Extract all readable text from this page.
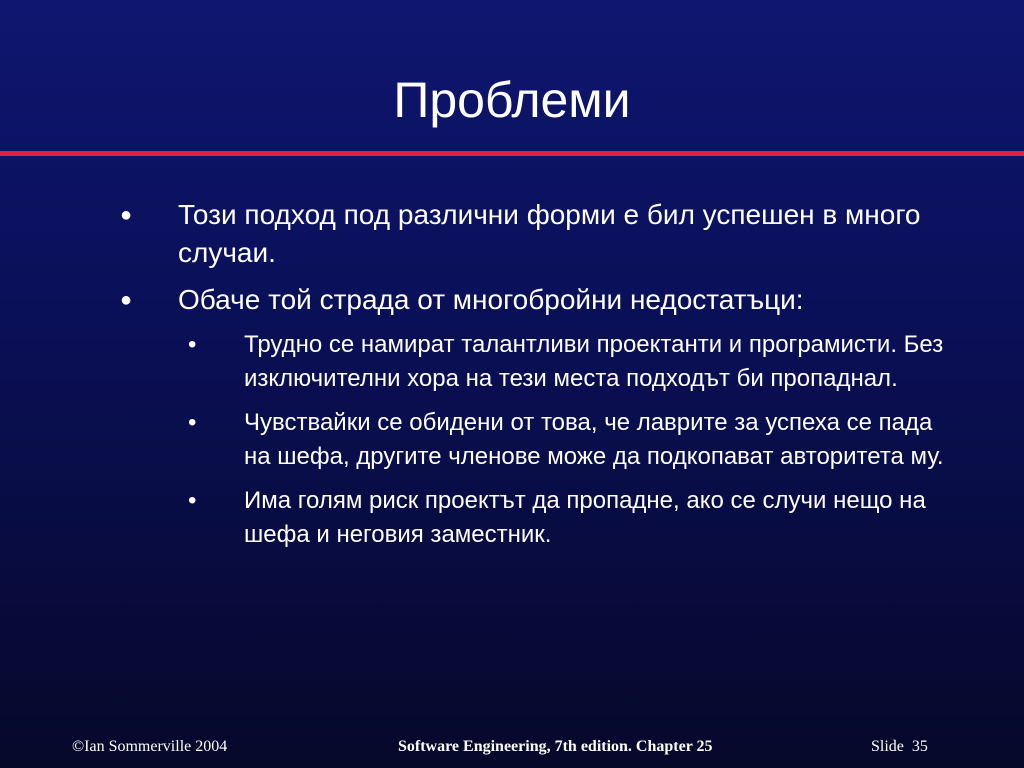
Проблеми
● Този подход под различни форми е бил успешен в много случаи.
● Обаче той страда от многобройни недостатъци:
• Трудно се намират талантливи проектанти и програмисти. Без изключителни хора на тези места подходът би пропаднал.
• Чувствайки се обидени от това, че лаврите за успеха се пада на шефа, другите членове може да подкопават авторитета му.
• Има голям риск проектът да пропадне, ако се случи нещо на шефа и неговия заместник.
©Ian Sommerville 2004	Software Engineering, 7th edition. Chapter 25	Slide 35
